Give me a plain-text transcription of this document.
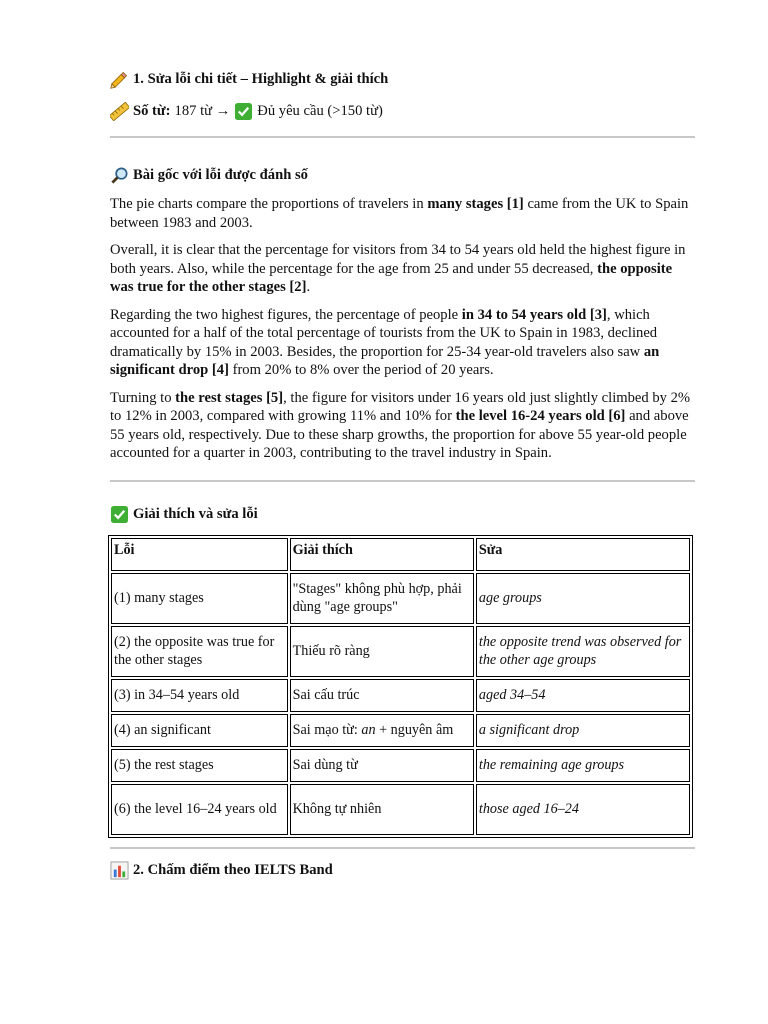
1. Sửa lỗi chi tiết – Highlight & giải thích
Số từ: 187 từ → Đủ yêu cầu (>150 từ)
Bài gốc với lỗi được đánh số

The pie charts compare the proportions of travelers in many stages [1] came from the UK to Spain between 1983 and 2003.

Overall, it is clear that the percentage for visitors from 34 to 54 years old held the highest figure in both years. Also, while the percentage for the age from 25 and under 55 decreased, the opposite was true for the other stages [2].

Regarding the two highest figures, the percentage of people in 34 to 54 years old [3], which accounted for a half of the total percentage of tourists from the UK to Spain in 1983, declined dramatically by 15% in 2003. Besides, the proportion for 25-34 year-old travelers also saw an significant drop [4] from 20% to 8% over the period of 20 years.

Turning to the rest stages [5], the figure for visitors under 16 years old just slightly climbed by 2% to 12% in 2003, compared with growing 11% and 10% for the level 16-24 years old [6] and above 55 years old, respectively. Due to these sharp growths, the proportion for above 55 year-old people accounted for a quarter in 2003, contributing to the travel industry in Spain.

Giải thích và sửa lỗi
Lỗi	Giải thích	Sửa
(1) many stages	"Stages" không phù hợp, phải dùng "age groups"	age groups
(2) the opposite was true for the other stages	Thiếu rõ ràng	the opposite trend was observed for the other age groups
(3) in 34–54 years old	Sai cấu trúc	aged 34–54
(4) an significant	Sai mạo từ: an + nguyên âm	a significant drop
(5) the rest stages	Sai dùng từ	the remaining age groups
(6) the level 16–24 years old	Không tự nhiên	those aged 16–24
2. Chấm điểm theo IELTS Band
